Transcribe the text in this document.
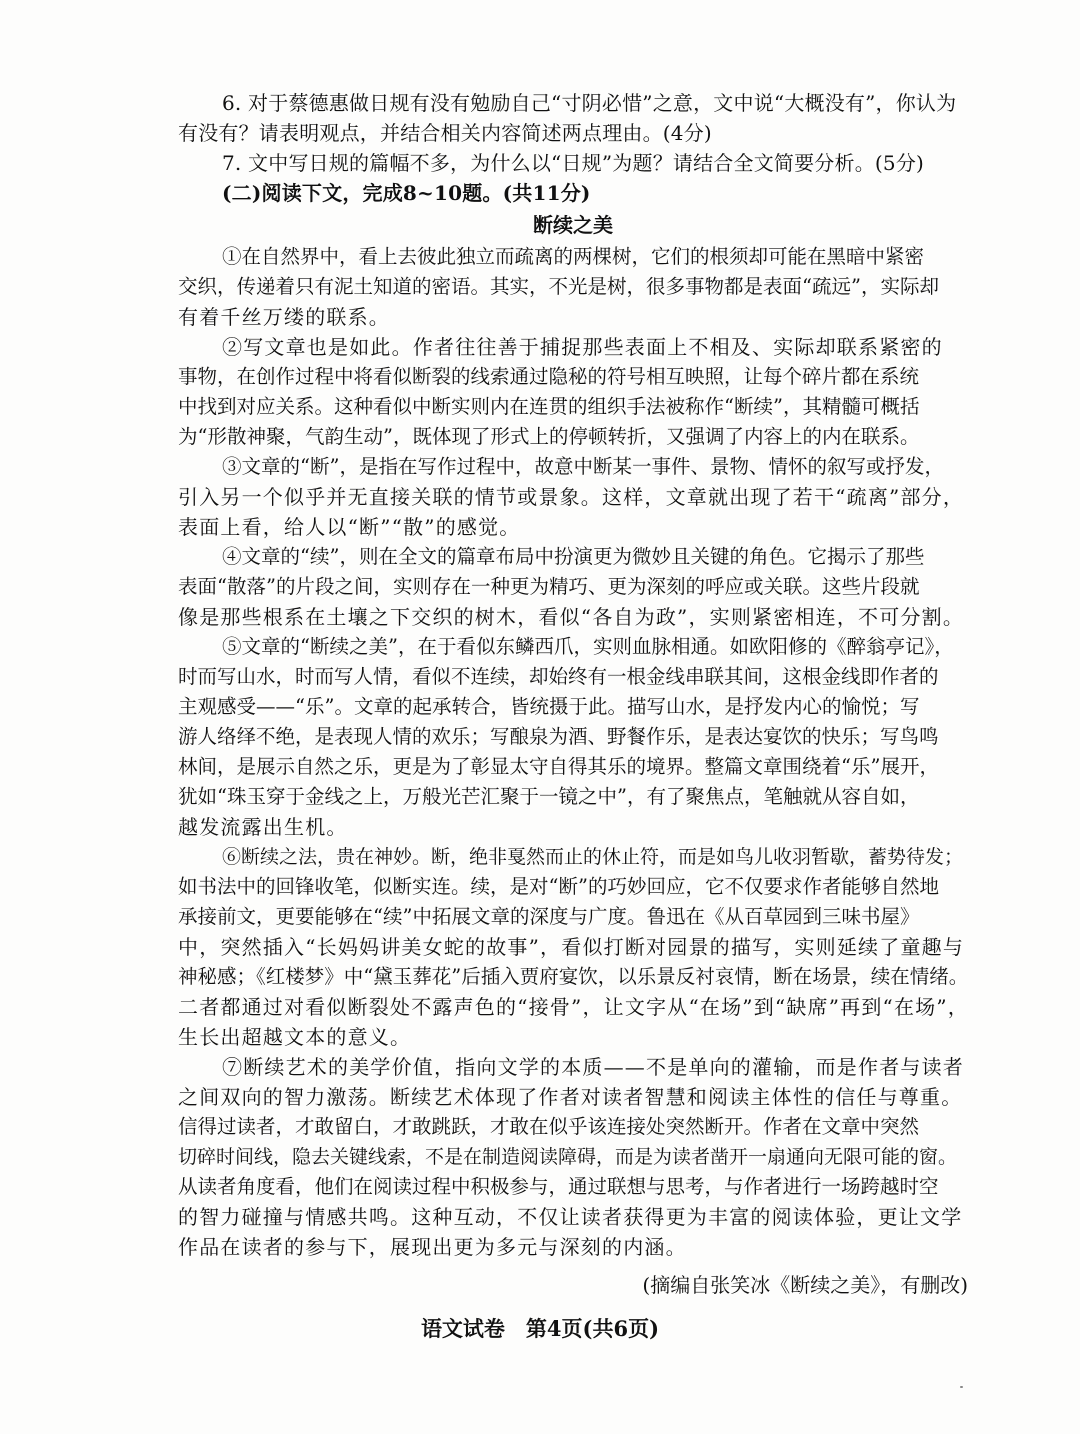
6. 对于蔡德惠做日规有没有勉励自己“寸阴必惜”之意，文中说“大概没有”，你认为
有没有？请表明观点，并结合相关内容简述两点理由。(4分)
7. 文中写日规的篇幅不多，为什么以“日规”为题？请结合全文简要分析。(5分)
(二)阅读下文，完成8~10题。(共11分)
断续之美
①在自然界中，看上去彼此独立而疏离的两棵树，它们的根须却可能在黑暗中紧密
交织，传递着只有泥土知道的密语。其实，不光是树，很多事物都是表面“疏远”，实际却
有着千丝万缕的联系。
②写文章也是如此。作者往往善于捕捉那些表面上不相及、实际却联系紧密的
事物，在创作过程中将看似断裂的线索通过隐秘的符号相互映照，让每个碎片都在系统
中找到对应关系。这种看似中断实则内在连贯的组织手法被称作“断续”，其精髓可概括
为“形散神聚，气韵生动”，既体现了形式上的停顿转折，又强调了内容上的内在联系。
③文章的“断”，是指在写作过程中，故意中断某一事件、景物、情怀的叙写或抒发，
引入另一个似乎并无直接关联的情节或景象。这样，文章就出现了若干“疏离”部分，
表面上看，给人以“断”“散”的感觉。
④文章的“续”，则在全文的篇章布局中扮演更为微妙且关键的角色。它揭示了那些
表面“散落”的片段之间，实则存在一种更为精巧、更为深刻的呼应或关联。这些片段就
像是那些根系在土壤之下交织的树木，看似“各自为政”，实则紧密相连，不可分割。
⑤文章的“断续之美”，在于看似东鳞西爪，实则血脉相通。如欧阳修的《醉翁亭记》，
时而写山水，时而写人情，看似不连续，却始终有一根金线串联其间，这根金线即作者的
主观感受——“乐”。文章的起承转合，皆统摄于此。描写山水，是抒发内心的愉悦；写
游人络绎不绝，是表现人情的欢乐；写酿泉为酒、野餐作乐，是表达宴饮的快乐；写鸟鸣
林间，是展示自然之乐，更是为了彰显太守自得其乐的境界。整篇文章围绕着“乐”展开，
犹如“珠玉穿于金线之上，万般光芒汇聚于一镜之中”，有了聚焦点，笔触就从容自如，
越发流露出生机。
⑥断续之法，贵在神妙。断，绝非戛然而止的休止符，而是如鸟儿收羽暂歇，蓄势待发；
如书法中的回锋收笔，似断实连。续，是对“断”的巧妙回应，它不仅要求作者能够自然地
承接前文，更要能够在“续”中拓展文章的深度与广度。鲁迅在《从百草园到三味书屋》
中，突然插入“长妈妈讲美女蛇的故事”，看似打断对园景的描写，实则延续了童趣与
神秘感；《红楼梦》中“黛玉葬花”后插入贾府宴饮，以乐景反衬哀情，断在场景，续在情绪。
二者都通过对看似断裂处不露声色的“接骨”，让文字从“在场”到“缺席”再到“在场”，
生长出超越文本的意义。
⑦断续艺术的美学价值，指向文学的本质——不是单向的灌输，而是作者与读者
之间双向的智力激荡。断续艺术体现了作者对读者智慧和阅读主体性的信任与尊重。
信得过读者，才敢留白，才敢跳跃，才敢在似乎该连接处突然断开。作者在文章中突然
切碎时间线，隐去关键线索，不是在制造阅读障碍，而是为读者凿开一扇通向无限可能的窗。
从读者角度看，他们在阅读过程中积极参与，通过联想与思考，与作者进行一场跨越时空
的智力碰撞与情感共鸣。这种互动，不仅让读者获得更为丰富的阅读体验，更让文学
作品在读者的参与下，展现出更为多元与深刻的内涵。
(摘编自张笑冰《断续之美》，有删改)
语文试卷　第4页(共6页)
